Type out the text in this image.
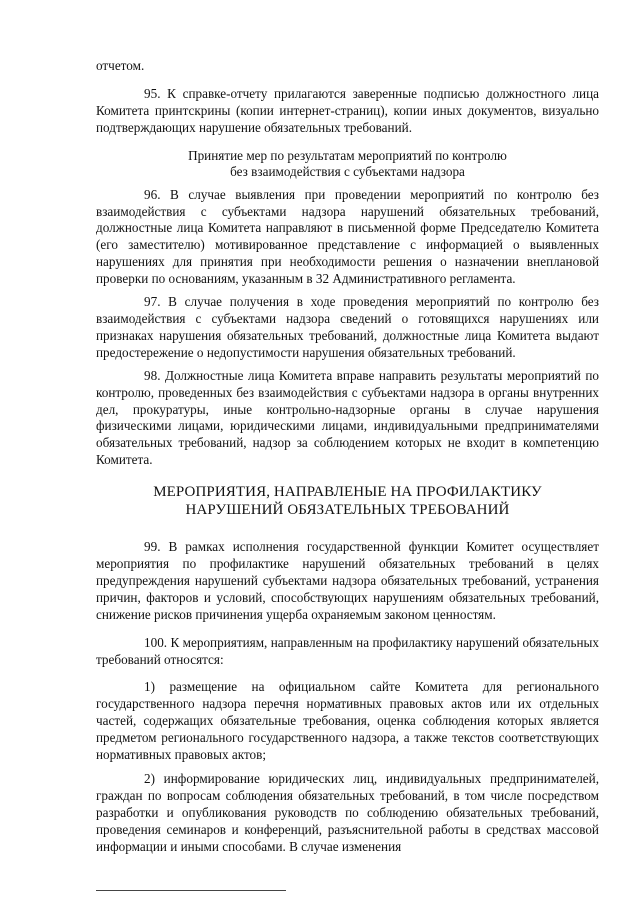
отчетом.

95. К справке-отчету прилагаются заверенные подписью должностного лица Комитета принтскрины (копии интернет-страниц), копии иных документов, визуально подтверждающих нарушение обязательных требований.

Принятие мер по результатам мероприятий по контролю
без взаимодействия с субъектами надзора

96. В случае выявления при проведении мероприятий по контролю без взаимодействия с субъектами надзора нарушений обязательных требований, должностные лица Комитета направляют в письменной форме Председателю Комитета (его заместителю) мотивированное представление с информацией о выявленных нарушениях для принятия при необходимости решения о назначении внеплановой проверки по основаниям, указанным в 32 Административного регламента.

97. В случае получения в ходе проведения мероприятий по контролю без взаимодействия с субъектами надзора сведений о готовящихся нарушениях или признаках нарушения обязательных требований, должностные лица Комитета выдают предостережение о недопустимости нарушения обязательных требований.

98. Должностные лица Комитета вправе направить результаты мероприятий по контролю, проведенных без взаимодействия с субъектами надзора в органы внутренних дел, прокуратуры, иные контрольно-надзорные органы в случае нарушения физическими лицами, юридическими лицами, индивидуальными предпринимателями обязательных требований, надзор за соблюдением которых не входит в компетенцию Комитета.

МЕРОПРИЯТИЯ, НАПРАВЛЕНЫЕ НА ПРОФИЛАКТИКУ
НАРУШЕНИЙ ОБЯЗАТЕЛЬНЫХ ТРЕБОВАНИЙ

99. В рамках исполнения государственной функции Комитет осуществляет мероприятия по профилактике нарушений обязательных требований в целях предупреждения нарушений субъектами надзора обязательных требований, устранения причин, факторов и условий, способствующих нарушениям обязательных требований, снижение рисков причинения ущерба охраняемым законом ценностям.

100. К мероприятиям, направленным на профилактику нарушений обязательных требований относятся:

1) размещение на официальном сайте Комитета для регионального государственного надзора перечня нормативных правовых актов или их отдельных частей, содержащих обязательные требования, оценка соблюдения которых является предметом регионального государственного надзора, а также текстов соответствующих нормативных правовых актов;

2) информирование юридических лиц, индивидуальных предпринимателей, граждан по вопросам соблюдения обязательных требований, в том числе посредством разработки и опубликования руководств по соблюдению обязательных требований, проведения семинаров и конференций, разъяснительной работы в средствах массовой информации и иными способами. В случае изменения
